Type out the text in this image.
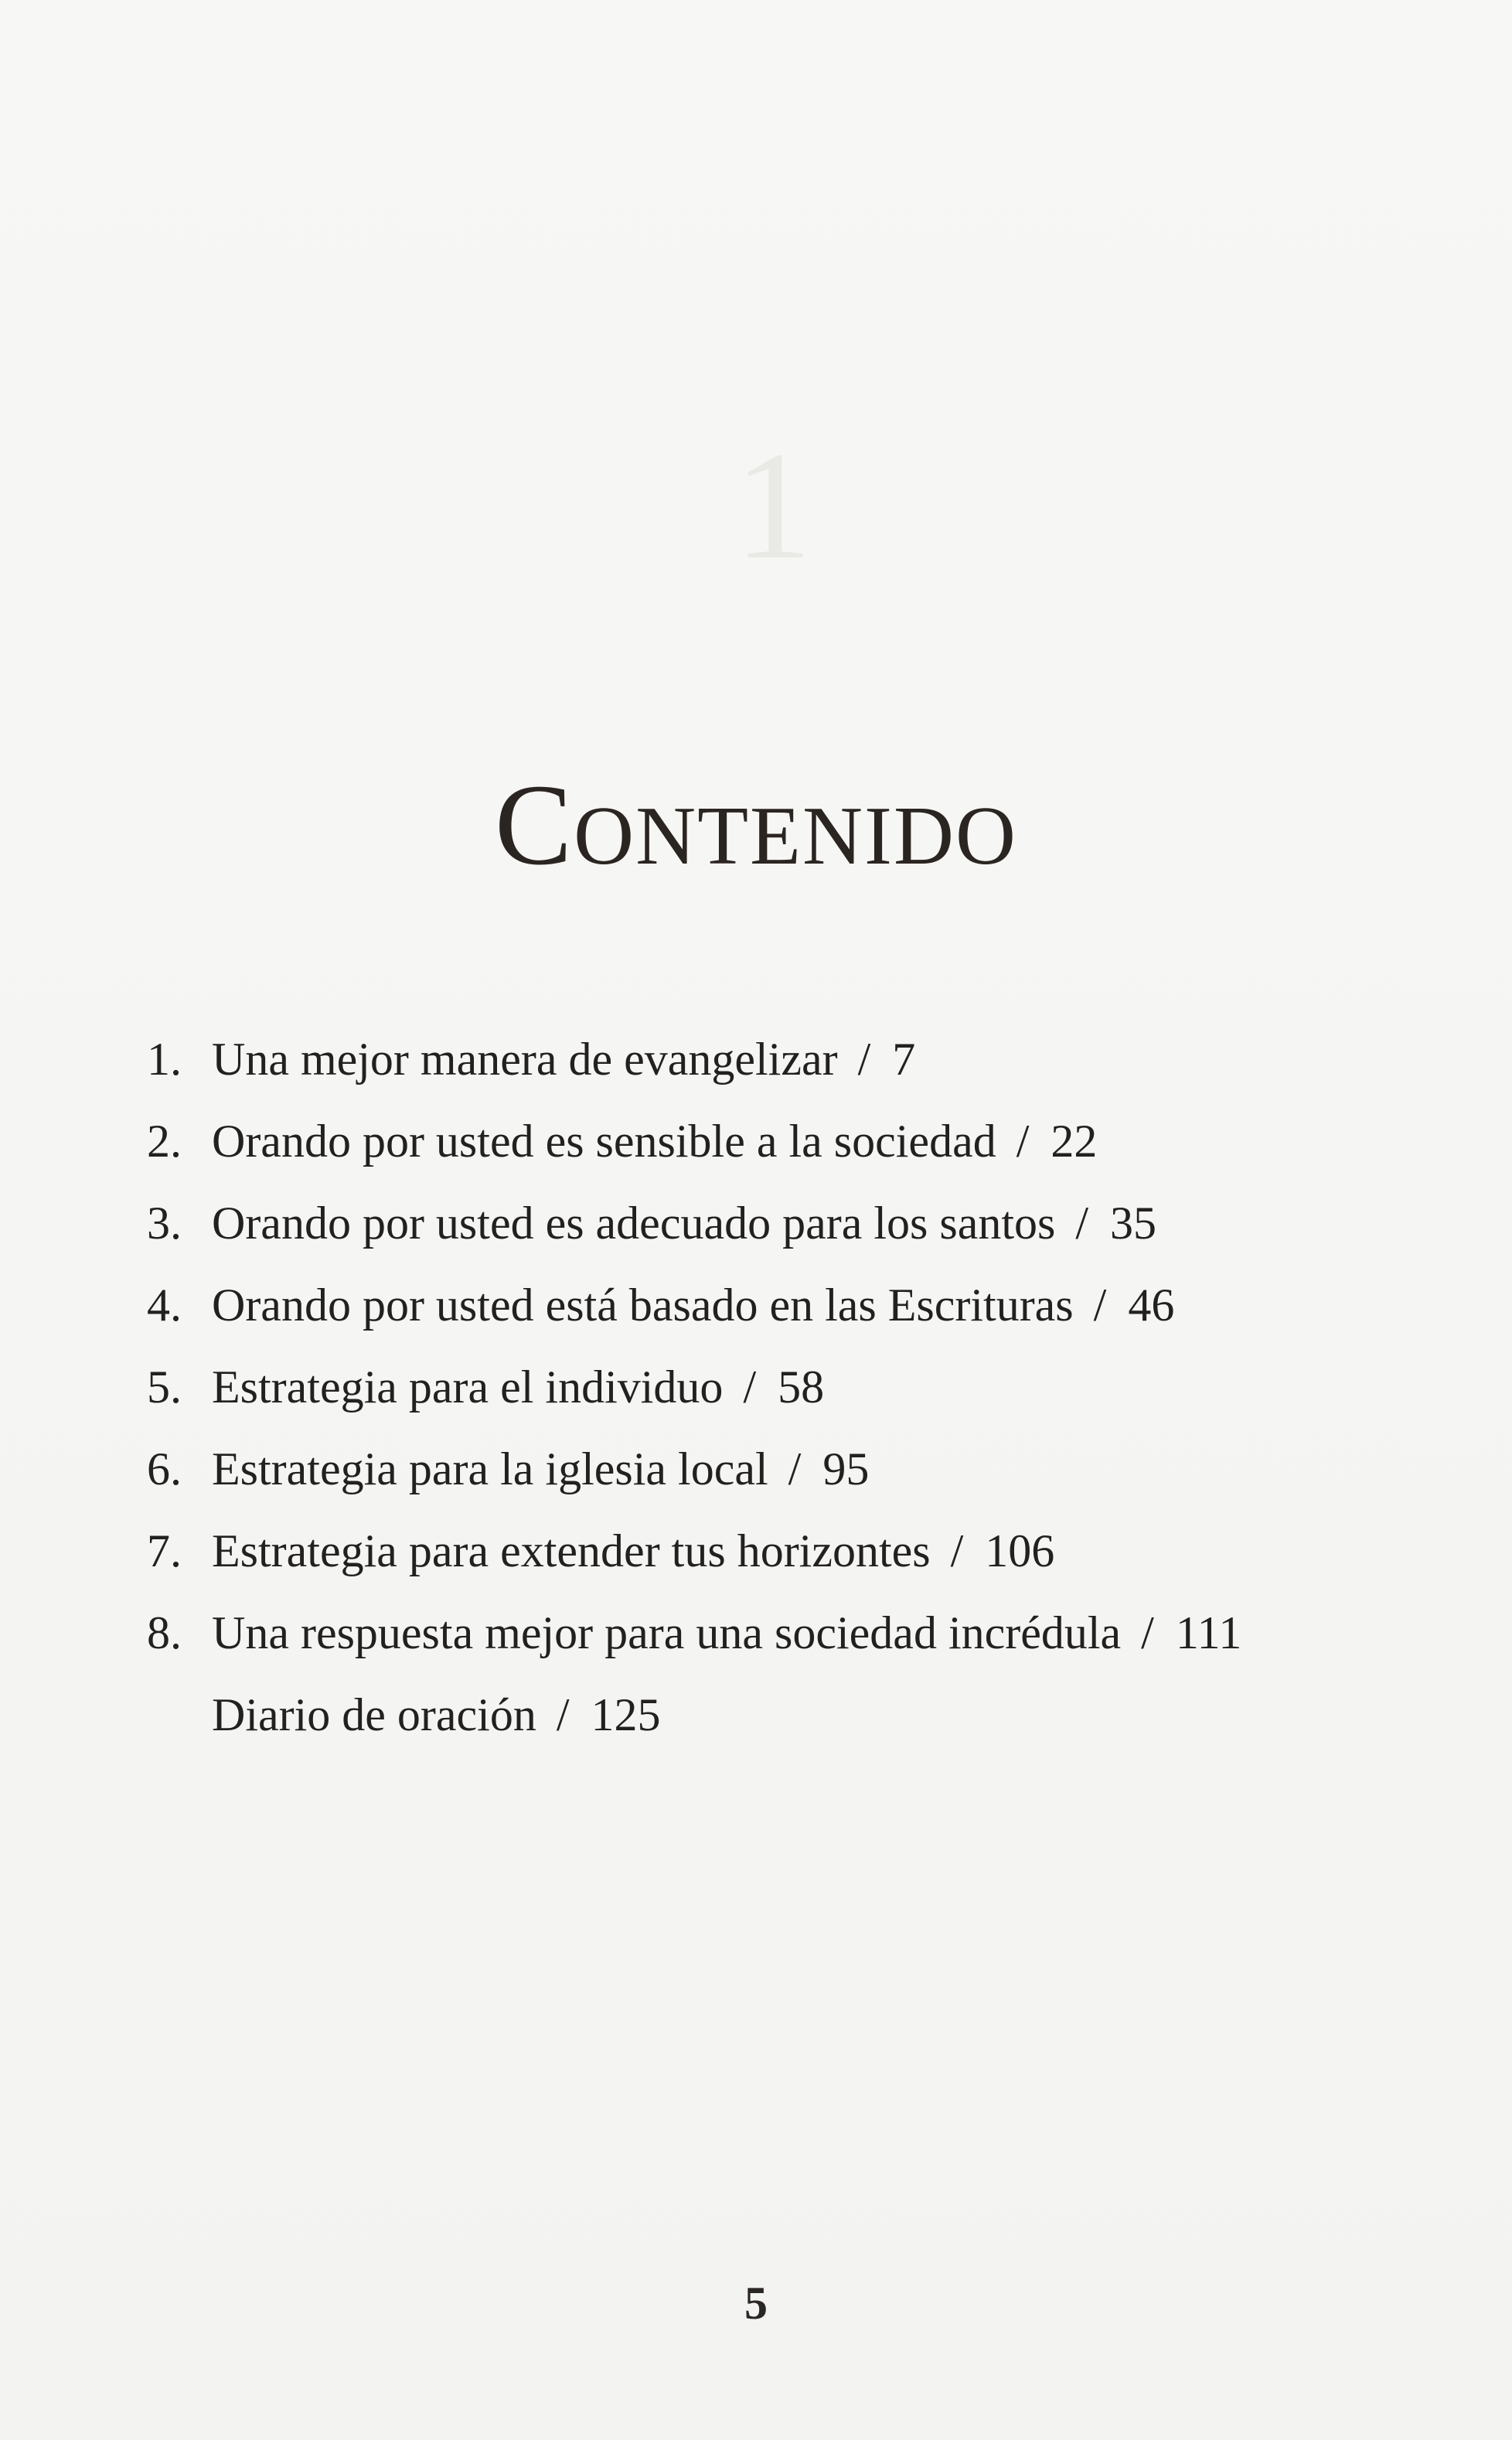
1
CONTENIDO
1. Una mejor manera de evangelizar / 7
2. Orando por usted es sensible a la sociedad / 22
3. Orando por usted es adecuado para los santos / 35
4. Orando por usted está basado en las Escrituras / 46
5. Estrategia para el individuo / 58
6. Estrategia para la iglesia local / 95
7. Estrategia para extender tus horizontes / 106
8. Una respuesta mejor para una sociedad incrédula / 111
Diario de oración / 125
5
